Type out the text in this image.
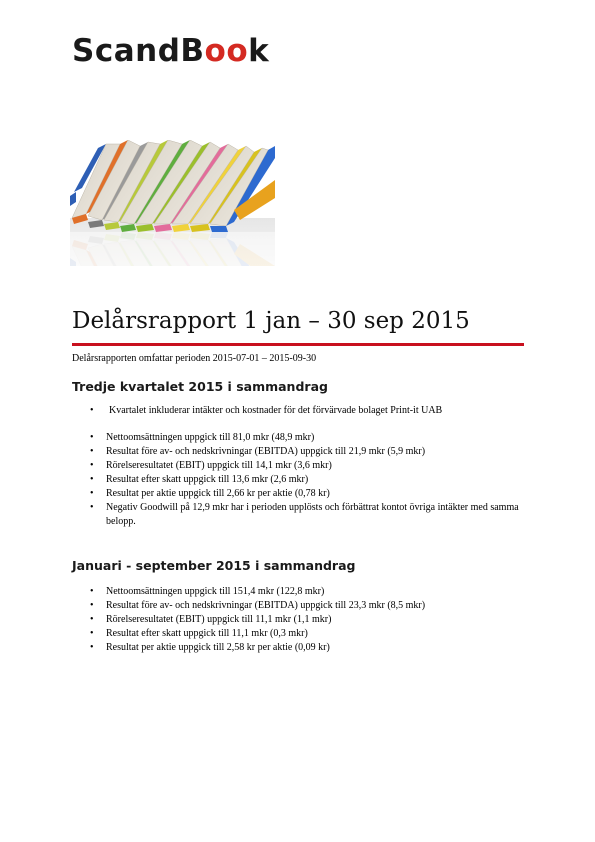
ScandBook
Delårsrapport 1 jan – 30 sep 2015
Delårsrapporten omfattar perioden 2015-07-01 – 2015-09-30
Tredje kvartalet 2015 i sammandrag
• Kvartalet inkluderar intäkter och kostnader för det förvärvade bolaget Print-it UAB
• Nettoomsättningen uppgick till 81,0 mkr (48,9 mkr)
• Resultat före av- och nedskrivningar (EBITDA) uppgick till 21,9 mkr (5,9 mkr)
• Rörelseresultatet (EBIT) uppgick till 14,1 mkr (3,6 mkr)
• Resultat efter skatt uppgick till 13,6 mkr (2,6 mkr)
• Resultat per aktie uppgick till 2,66 kr per aktie (0,78 kr)
• Negativ Goodwill på 12,9 mkr har i perioden upplösts och förbättrat kontot övriga intäkter med samma belopp.
Januari - september 2015 i sammandrag
• Nettoomsättningen uppgick till 151,4 mkr (122,8 mkr)
• Resultat före av- och nedskrivningar (EBITDA) uppgick till 23,3 mkr (8,5 mkr)
• Rörelseresultatet (EBIT) uppgick till 11,1 mkr (1,1 mkr)
• Resultat efter skatt uppgick till 11,1 mkr (0,3 mkr)
• Resultat per aktie uppgick till 2,58 kr per aktie (0,09 kr)
